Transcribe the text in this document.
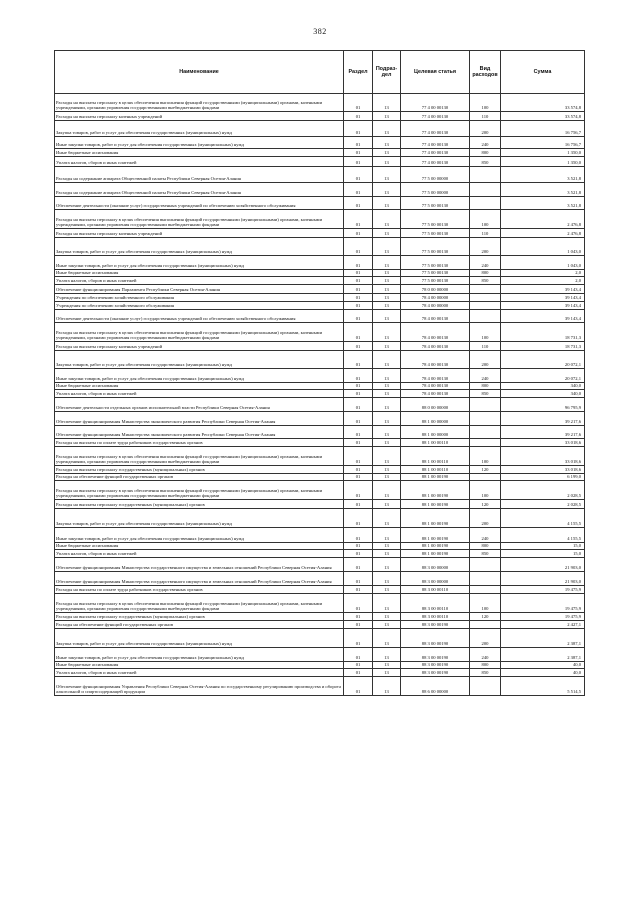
382
Наименование	Раздел	Подраз-
дел	Целевая статья	Вид
расходов	Сумма
Расходы на выплаты персоналу в целях обеспечения выполнения функций государственными (муниципальными) органами, казенными учреждениями, органами управления государственными внебюджетными фондами	01	13	77 4 00 00130	100	33 574,8
Расходы на выплаты персоналу казенных учреждений	01	13	77 4 00 00130	110	33 574,8
Закупка товаров, работ и услуг для обеспечения государственных (муниципальных) нужд	01	13	77 4 00 00130	200	16 756,7
Иные закупки товаров, работ и услуг для обеспечения государственных (муниципальных) нужд	01	13	77 4 00 00130	240	16 756,7
Иные бюджетные ассигнования	01	13	77 4 00 00130	800	1 350,0
Уплата налогов, сборов и иных платежей	01	13	77 4 00 00130	850	1 350,0
Расходы на содержание аппарата Общественной палаты Республики Северная Осетия-Алания	01	13	77 5 00 00000		3 521,8
Расходы на содержание аппарата Общественной палаты Республики Северная Осетия-Алания	01	13	77 5 00 00000		3 521,8
Обеспечение деятельности (оказание услуг) государственных учреждений по обеспечению хозяйственного обслуживания	01	13	77 5 00 00130		3 521,8
Расходы на выплаты персоналу в целях обеспечения выполнения функций государственными (муниципальными) органами, казенными учреждениями, органами управления государственными внебюджетными фондами	01	13	77 5 00 00130	100	2 476,8
Расходы на выплаты персоналу казенных учреждений	01	13	77 5 00 00130	110	2 476,8
Закупка товаров, работ и услуг для обеспечения государственных (муниципальных) нужд	01	13	77 5 00 00130	200	1 043,0
Иные закупки товаров, работ и услуг для обеспечения государственных (муниципальных) нужд	01	13	77 5 00 00130	240	1 043,0
Иные бюджетные ассигнования	01	13	77 5 00 00130	800	2,0
Уплата налогов, сборов и иных платежей	01	13	77 5 00 00130	850	2,0
Обеспечение функционирования Парламента Республики Северная Осетия-Алания	01	13	78 0 00 00000		39 143,4
Учреждения по обеспечению хозяйственного обслуживания	01	13	78 4 00 00000		39 143,4
Учреждения по обеспечению хозяйственного обслуживания	01	13	78 4 00 00000		39 143,4
Обеспечение деятельности (оказание услуг) государственных учреждений по обеспечению хозяйственного обслуживания	01	13	78 4 00 00130		39 143,4
Расходы на выплаты персоналу в целях обеспечения выполнения функций государственными (муниципальными) органами, казенными учреждениями, органами управления государственными внебюджетными фондами	01	13	78 4 00 00130	100	18 731,3
Расходы на выплаты персоналу казенных учреждений	01	13	78 4 00 00130	110	18 731,3
Закупка товаров, работ и услуг для обеспечения государственных (муниципальных) нужд	01	13	78 4 00 00130	200	20 072,1
Иные закупки товаров, работ и услуг для обеспечения государственных (муниципальных) нужд	01	13	78 4 00 00130	240	20 072,1
Иные бюджетные ассигнования	01	13	78 4 00 00130	800	340,0
Уплата налогов, сборов и иных платежей	01	13	78 4 00 00130	850	340,0
Обеспечение деятельности отдельных органов исполнительной власти Республики Северная Осетия-Алания	01	13	88 0 00 00000		96 795,9
Обеспечение функционирования Министерства экономического развития Республики Северная Осетия-Алания	01	13	88 1 00 00000		39 217,6
Обеспечение функционирования Министерства экономического развития Республики Северная Осетия-Алания	01	13	88 1 00 00000		39 217,6
Расходы на выплаты по оплате труда работников государственных органов	01	13	88 1 00 00110		33 018,6
Расходы на выплаты персоналу в целях обеспечения выполнения функций государственными (муниципальными) органами, казенными учреждениями, органами управления государственными внебюджетными фондами	01	13	88 1 00 00110	100	33 018,6
Расходы на выплаты персоналу государственных (муниципальных) органов	01	13	88 1 00 00110	120	33 018,6
Расходы на обеспечение функций государственных органов	01	13	88 1 00 00190		6 199,0
Расходы на выплаты персоналу в целях обеспечения выполнения функций государственными (муниципальными) органами, казенными учреждениями, органами управления государственными внебюджетными фондами	01	13	88 1 00 00190	100	2 028,5
Расходы на выплаты персоналу государственных (муниципальных) органов	01	13	88 1 00 00190	120	2 028,5
Закупка товаров, работ и услуг для обеспечения государственных (муниципальных) нужд	01	13	88 1 00 00190	200	4 155,5
Иные закупки товаров, работ и услуг для обеспечения государственных (муниципальных) нужд	01	13	88 1 00 00190	240	4 155,5
Иные бюджетные ассигнования	01	13	88 1 00 00190	800	15,0
Уплата налогов, сборов и иных платежей	01	13	88 1 00 00190	850	15,0
Обеспечение функционирования Министерства государственного имущества и земельных отношений Республики Северная Осетия-Алания	01	13	88 3 00 00000		21 903,0
Обеспечение функционирования Министерства государственного имущества и земельных отношений Республики Северная Осетия-Алания	01	13	88 3 00 00000		21 903,0
Расходы на выплаты по оплате труда работников государственных органов	01	13	88 3 00 00110		19 475,9
Расходы на выплаты персоналу в целях обеспечения выполнения функций государственными (муниципальными) органами, казенными учреждениями, органами управления государственными внебюджетными фондами	01	13	88 3 00 00110	100	19 475,9
Расходы на выплаты персоналу государственных (муниципальных) органов	01	13	88 3 00 00110	120	19 475,9
Расходы на обеспечение функций государственных органов	01	13	88 3 00 00190		2 427,1
Закупка товаров, работ и услуг для обеспечения государственных (муниципальных) нужд	01	13	88 3 00 00190	200	2 387,1
Иные закупки товаров, работ и услуг для обеспечения государственных (муниципальных) нужд	01	13	88 3 00 00190	240	2 387,1
Иные бюджетные ассигнования	01	13	88 3 00 00190	800	40,0
Уплата налогов, сборов и иных платежей	01	13	88 3 00 00190	850	40,0
Обеспечение функционирования Управления Республики Северная Осетия-Алания по государственному регулированию производства и оборота алкогольной и спиртосодержащей продукции	01	13	88 6 00 00000		5 514,5
